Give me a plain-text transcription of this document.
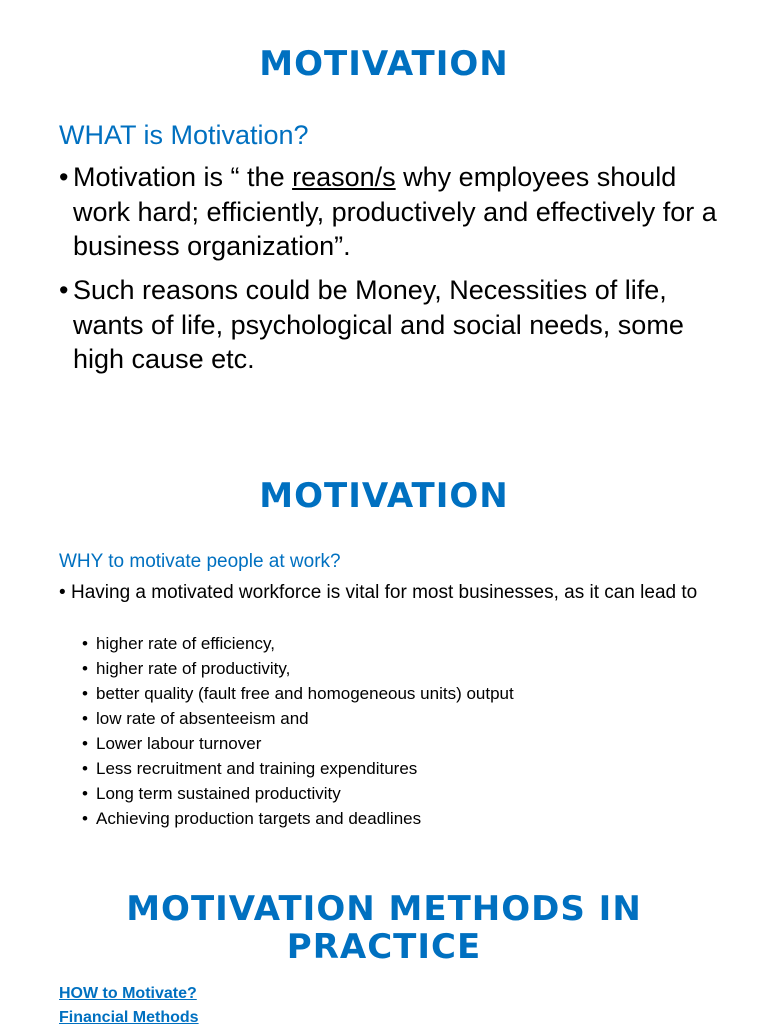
MOTIVATION
WHAT is Motivation?
• Motivation is “ the reason/s why employees should work hard; efficiently, productively and effectively for a business organization”.
• Such reasons could be Money, Necessities of life, wants of life, psychological and social needs, some high cause etc.
MOTIVATION
WHY to motivate people at work?
• Having a motivated workforce is vital for most businesses, as it can lead to
• higher rate of efficiency,
• higher rate of productivity,
• better quality (fault free and homogeneous units) output
• low rate of absenteeism and
• Lower labour turnover
• Less recruitment and training expenditures
• Long term sustained productivity
• Achieving production targets and deadlines
MOTIVATION METHODS IN
PRACTICE
HOW to Motivate?
Financial Methods
